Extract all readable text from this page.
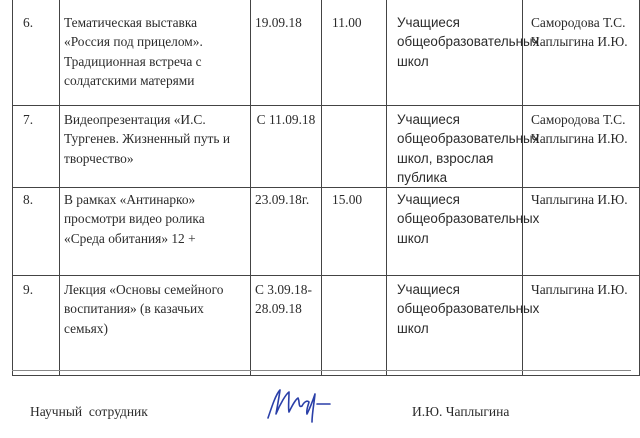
6.	Тематическая выставка «Россия под прицелом». Традиционная встреча с солдатскими матерями	19.09.18	11.00	Учащиеся общеобразовательных школ	Самородова Т.С.
Чаплыгина И.Ю.
7.	Видеопрезентация «И.С. Тургенев. Жизненный путь и творчество»	С 11.09.18		Учащиеся общеобразовательных школ, взрослая публика	Самородова Т.С.
Чаплыгина И.Ю.
8.	В рамках «Антинарко» просмотри видео ролика «Среда обитания» 12 +	23.09.18г.	15.00	Учащиеся общеобразовательных школ	Чаплыгина И.Ю.
9.	Лекция «Основы семейного воспитания» (в казачьих семьях)	С 3.09.18-28.09.18		Учащиеся общеобразовательных школ	Чаплыгина И.Ю.
Научный  сотрудник	И.Ю. Чаплыгина
